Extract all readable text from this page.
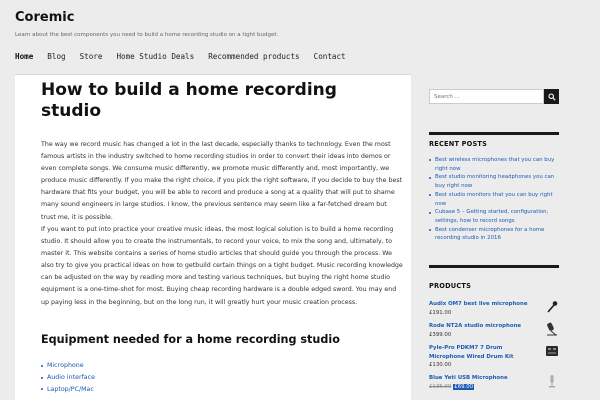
Coremic

Learn about the best components you need to build a home recording studio on a tight budget.

Home Blog Store Home Studio Deals Recommended products Contact
How to build a home recording studio

The way we record music has changed a lot in the last decade, especially thanks to technology. Even the most famous artists in the industry switched to home recording studios in order to convert their ideas into demos or even complete songs. We consume music differently, we promote music differently and, most importantly, we produce music differently. If you make the right choice, if you pick the right software, if you decide to buy the best hardware that fits your budget, you will be able to record and produce a song at a quality that will put to shame many sound engineers in large studios. I know, the previous sentence may seem like a far-fetched dream but trust me, it is possible.

If you want to put into practice your creative music ideas, the most logical solution is to build a home recording studio. It should allow you to create the instrumentals, to record your voice, to mix the song and, ultimately, to master it. This website contains a series of home studio articles that should guide you through the process. We also try to give you practical ideas on how to getbuild certain things on a tight budget. Music recording knowledge can be adjusted on the way by reading more and testing various techniques, but buying the right home studio equipment is a one-time-shot for most. Buying cheap recording hardware is a double edged sword. You may end up paying less in the beginning, but on the long run, it will greatly hurt your music creation process.

Equipment needed for a home recording studio
Microphone
Audio interface
Laptop/PC/Mac
Search ...
RECENT POSTS
Best wireless microphones that you can buy right now
Best studio monitoring headphones you can buy right now
Best studio monitors that you can buy right now
Cubase 5 – Getting started, configuration, settings, how to record songs
Best condenser microphones for a home recording studio in 2016
PRODUCTS
Audix OM7 best live microphone
£191.00
Rode NT2A studio microphone
£399.00
Pyle-Pro PDKM7 7 Drum Microphone Wired Drum Kit
£130.00
Blue Yeti USB Microphone
£135.00 £69.00
